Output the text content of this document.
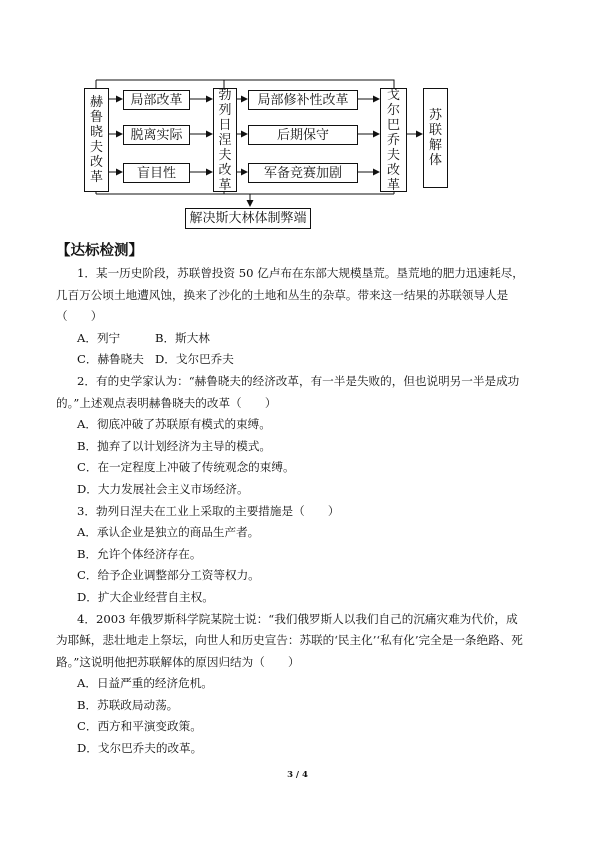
赫
鲁
晓
夫
改
革
局部改革
脱离实际
盲目性
勃
列
日
涅
夫
改
革
局部修补性改革
后期保守
军备竞赛加剧
戈
尔
巴
乔
夫
改
革
苏
联
解
体
解决斯大林体制弊端
【达标检测】
1．某一历史阶段，苏联曾投资 50 亿卢布在东部大规模垦荒。垦荒地的肥力迅速耗尽，
几百万公顷土地遭风蚀，换来了沙化的土地和丛生的杂草。带来这一结果的苏联领导人是
（　　）
A．列宁	B．斯大林
C．赫鲁晓夫 D．戈尔巴乔夫
2．有的史学家认为：“赫鲁晓夫的经济改革，有一半是失败的，但也说明另一半是成功
的。”上述观点表明赫鲁晓夫的改革（　　）
A．彻底冲破了苏联原有模式的束缚。
B．抛弃了以计划经济为主导的模式。
C．在一定程度上冲破了传统观念的束缚。
D．大力发展社会主义市场经济。
3．勃列日涅夫在工业上采取的主要措施是（　　）
A．承认企业是独立的商品生产者。
B．允许个体经济存在。
C．给予企业调整部分工资等权力。
D．扩大企业经营自主权。
4．2003 年俄罗斯科学院某院士说：“我们俄罗斯人以我们自己的沉痛灾难为代价，成
为耶稣，悲壮地走上祭坛，向世人和历史宣告：苏联的‘民主化’‘私有化’完全是一条绝路、死
路。”这说明他把苏联解体的原因归结为（　　）
A．日益严重的经济危机。
B．苏联政局动荡。
C．西方和平演变政策。
D．戈尔巴乔夫的改革。
3 / 4
